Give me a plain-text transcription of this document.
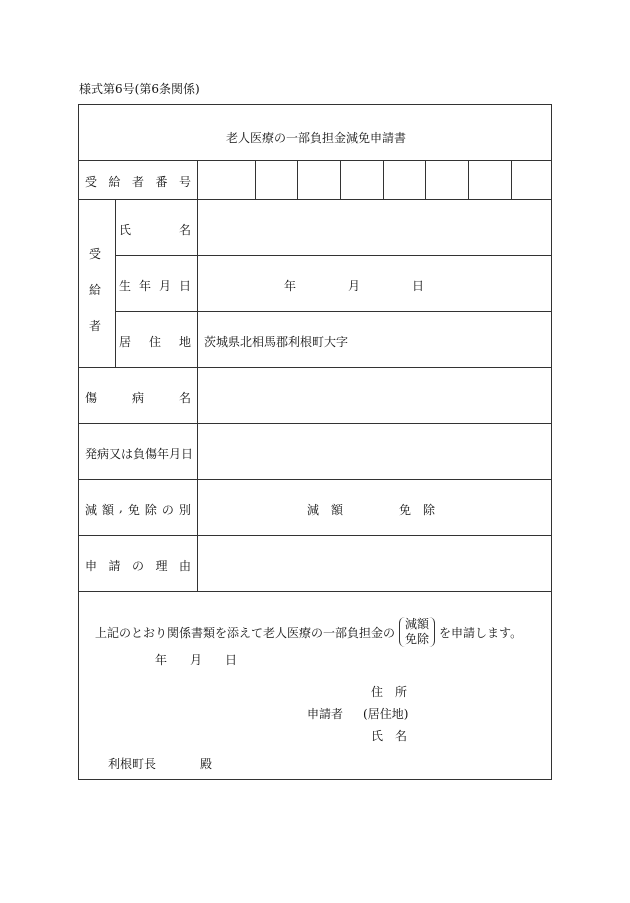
様式第6号(第6条関係)
老人医療の一部負担金減免申請書
受 給 者 番 号
受
給
者
氏	名
生 年 月 日	年	月	日
居 住 地 茨城県北相馬郡利根町大字
傷	病	名
発病又は負傷年月日
減 額 , 免 除 の 別	減　額	免　除
申 請 の 理 由
上記のとおり関係書類を添えて老人医療の一部負担金の
減額
免除 を申請します。
年 月 日
住 所
申請者 (居住地)
氏 名
利根町長	殿
